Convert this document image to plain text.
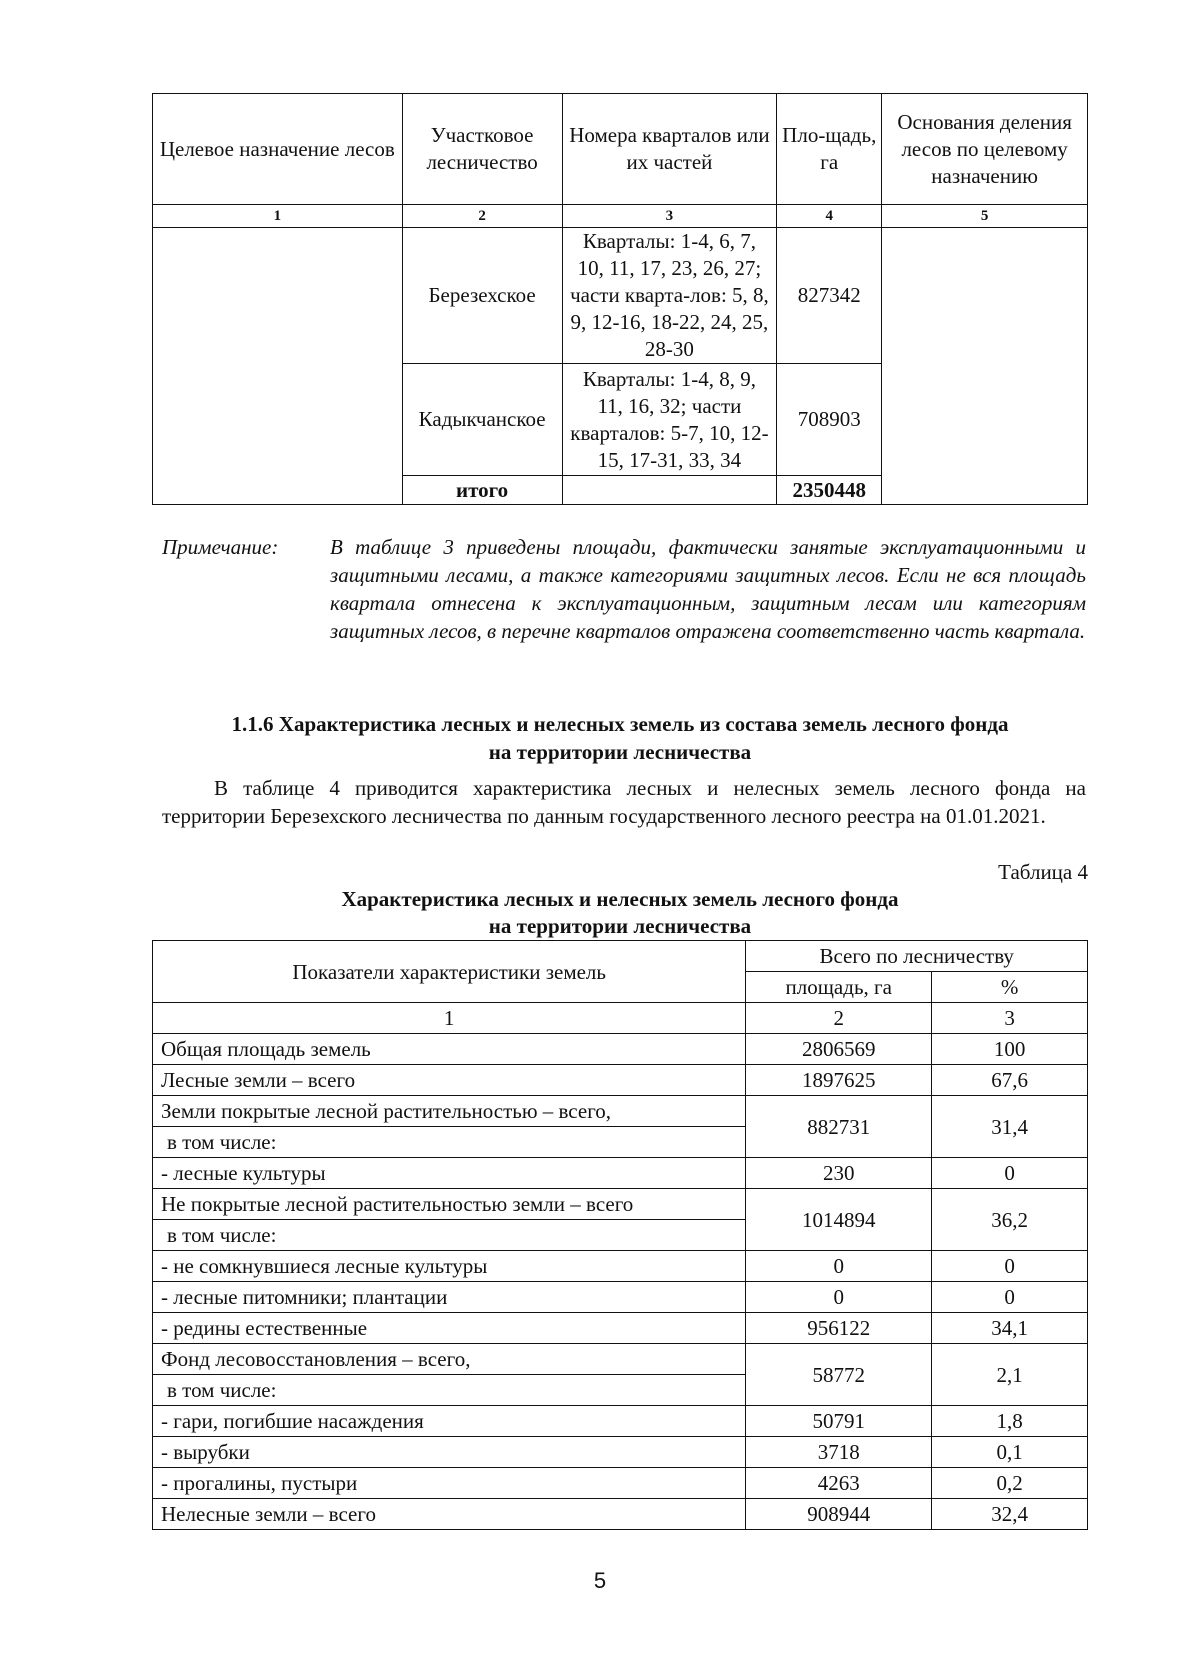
Целевое назначение лесов	Участковое лесничество	Номера кварталов или их частей	Пло-щадь, га	Основания деления лесов по целевому назначению
1	2	3	4	5
	Березехское	Кварталы: 1-4, 6, 7, 10, 11, 17, 23, 26, 27; части кварта-лов: 5, 8, 9, 12-16, 18-22, 24, 25, 28-30	827342	
	Кадыкчанское	Кварталы: 1-4, 8, 9, 11, 16, 32; части кварталов: 5-7, 10, 12-15, 17-31, 33, 34	708903	
	итого		2350448	
Примечание: В таблице 3 приведены площади, фактически занятые эксплуатационными и защитными лесами, а также категориями защитных лесов. Если не вся площадь квартала отнесена к эксплуатационным, защитным лесам или категориям защитных лесов, в перечне кварталов отражена соответственно часть квартала.

1.1.6 Характеристика лесных и нелесных земель из состава земель лесного фонда
на территории лесничества

В таблице 4 приводится характеристика лесных и нелесных земель лесного фонда на территории Березехского лесничества по данным государственного лесного реестра на 01.01.2021.

Таблица 4

Характеристика лесных и нелесных земель лесного фонда
на территории лесничества
Показатели характеристики земель	Всего по лесничеству	
	площадь, га	%
1	2	3
Общая площадь земель	2806569	100
Лесные земли – всего	1897625	67,6

Земли покрытые лесной растительностью – всего,
в том числе:	882731	31,4
- лесные культуры	230	0

Не покрытые лесной растительностью земли – всего
в том числе:	1014894	36,2
- не сомкнувшиеся лесные культуры	0	0
- лесные питомники; плантации	0	0
- редины естественные	956122	34,1

Фонд лесовосстановления – всего,
в том числе:	58772	2,1
- гари, погибшие насаждения	50791	1,8
- вырубки	3718	0,1
- прогалины, пустыри	4263	0,2
Нелесные земли – всего	908944	32,4

5
